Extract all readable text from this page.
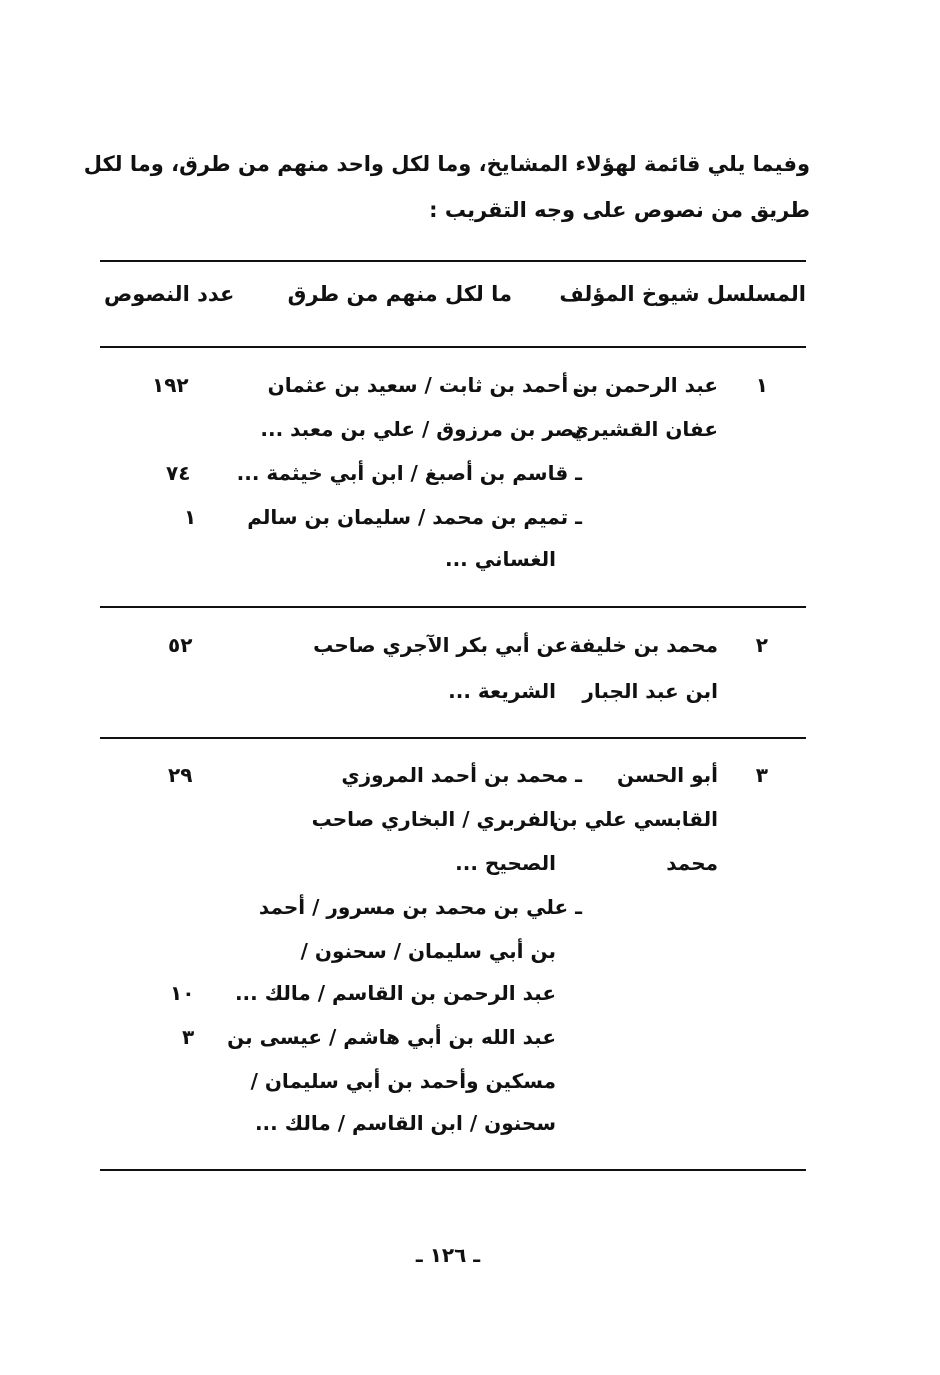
وفيما يلي قائمة لهؤلاء المشايخ، وما لكل واحد منهم من طرق، وما لكل
طريق من نصوص على وجه التقريب :
المسلسل شيوخ المؤلف
ما لكل منهم من طرق
عدد النصوص
١
عبد الرحمن بن
عفان القشيري
ـ أحمد بن ثابت / سعيد بن عثمان
نصر بن مرزوق / علي بن معبد ...
ـ قاسم بن أصبغ / ابن أبي خيثمة ...
ـ تميم بن محمد / سليمان بن سالم
الغساني ...
١٩٢
٧٤
١
٢
محمد بن خليفة
ابن عبد الجبار
ـ عن أبي بكر الآجري صاحب
الشريعة ...
٥٢
٣
أبو الحسن
القابسي علي بن
محمد
ـ محمد بن أحمد المروزي
الفربري / البخاري صاحب
الصحيح ...
ـ علي بن محمد بن مسرور / أحمد
بن أبي سليمان / سحنون /
عبد الرحمن بن القاسم / مالك ...
عبد الله بن أبي هاشم / عيسى بن
مسكين وأحمد بن أبي سليمان /
سحنون / ابن القاسم / مالك ...
٢٩
١٠
٣
ـ ١٢٦ ـ
